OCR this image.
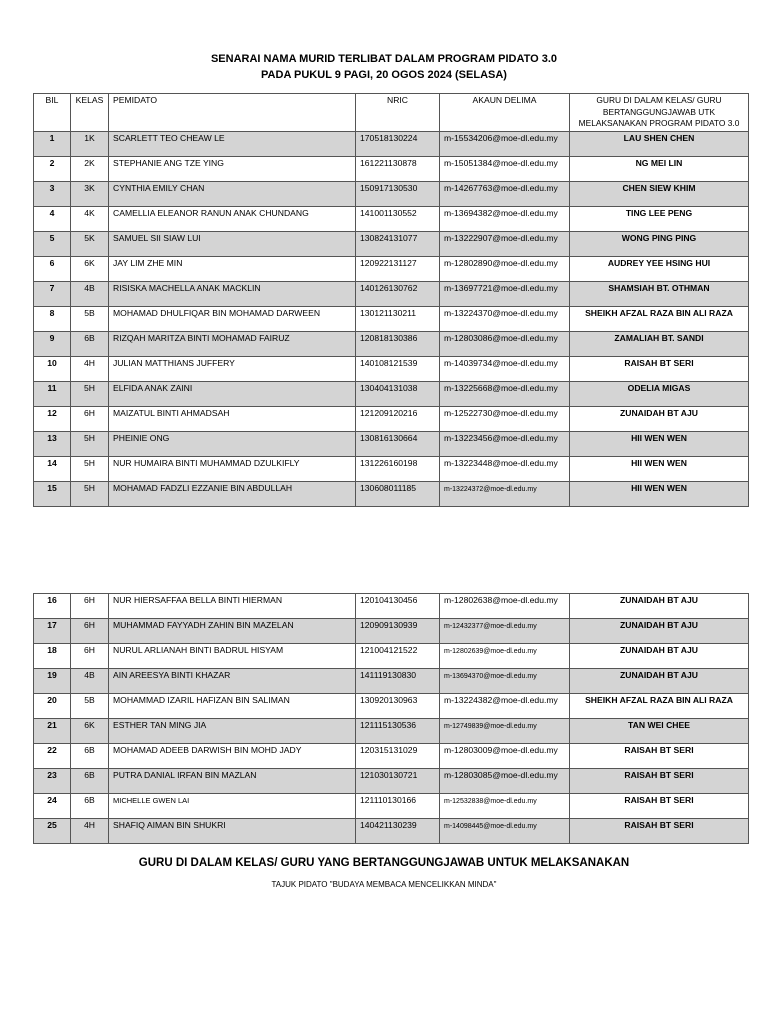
SENARAI NAMA MURID TERLIBAT DALAM PROGRAM PIDATO 3.0
PADA PUKUL 9 PAGI, 20 OGOS 2024 (SELASA)
BIL	KELAS	PEMIDATO	NRIC	AKAUN DELIMA	GURU DI DALAM KELAS/ GURU BERTANGGUNGJAWAB UTK MELAKSANAKAN PROGRAM PIDATO 3.0
1	1K	SCARLETT TEO CHEAW LE	170518130224	m-15534206@moe-dl.edu.my	LAU SHEN CHEN
2	2K	STEPHANIE ANG TZE YING	161221130878	m-15051384@moe-dl.edu.my	NG MEI LIN
3	3K	CYNTHIA EMILY CHAN	150917130530	m-14267763@moe-dl.edu.my	CHEN SIEW KHIM
4	4K	CAMELLIA ELEANOR RANUN ANAK CHUNDANG	141001130552	m-13694382@moe-dl.edu.my	TING LEE PENG
5	5K	SAMUEL SII SIAW LUI	130824131077	m-13222907@moe-dl.edu.my	WONG PING PING
6	6K	JAY LIM ZHE MIN	120922131127	m-12802890@moe-dl.edu.my	AUDREY YEE HSING HUI
7	4B	RISISKA MACHELLA ANAK MACKLIN	140126130762	m-13697721@moe-dl.edu.my	SHAMSIAH BT. OTHMAN
8	5B	MOHAMAD DHULFIQAR BIN MOHAMAD DARWEEN	130121130211	m-13224370@moe-dl.edu.my	SHEIKH AFZAL RAZA BIN ALI RAZA
9	6B	RIZQAH MARITZA BINTI MOHAMAD FAIRUZ	120818130386	m-12803086@moe-dl.edu.my	ZAMALIAH BT. SANDI
10	4H	JULIAN MATTHIANS JUFFERY	140108121539	m-14039734@moe-dl.edu.my	RAISAH BT SERI
11	5H	ELFIDA ANAK ZAINI	130404131038	m-13225668@moe-dl.edu.my	ODELIA MIGAS
12	6H	MAIZATUL BINTI AHMADSAH	121209120216	m-12522730@moe-dl.edu.my	ZUNAIDAH BT AJU
13	5H	PHEINIE ONG	130816130664	m-13223456@moe-dl.edu.my	HII WEN WEN
14	5H	NUR HUMAIRA BINTI MUHAMMAD DZULKIFLY	131226160198	m-13223448@moe-dl.edu.my	HII WEN WEN
15	5H	MOHAMAD FADZLI EZZANIE BIN ABDULLAH	130608011185	m-13224372@moe-dl.edu.my	HII WEN WEN
16	6H	NUR HIERSAFFAA BELLA BINTI HIERMAN	120104130456	m-12802638@moe-dl.edu.my	ZUNAIDAH BT AJU
17	6H	MUHAMMAD FAYYADH ZAHIN BIN MAZELAN	120909130939	m-12432377@moe-dl.edu.my	ZUNAIDAH BT AJU
18	6H	NURUL ARLIANAH BINTI BADRUL HISYAM	121004121522	m-12802639@moe-dl.edu.my	ZUNAIDAH BT AJU
19	4B	AIN AREESYA BINTI KHAZAR	141119130830	m-13694370@moe-dl.edu.my	ZUNAIDAH BT AJU
20	5B	MOHAMMAD IZARIL HAFIZAN BIN SALIMAN	130920130963	m-13224382@moe-dl.edu.my	SHEIKH AFZAL RAZA BIN ALI RAZA
21	6K	ESTHER TAN MING JIA	121115130536	m-12749839@moe-dl.edu.my	TAN WEI CHEE
22	6B	MOHAMAD ADEEB DARWISH BIN MOHD JADY	120315131029	m-12803009@moe-dl.edu.my	RAISAH BT SERI
23	6B	PUTRA DANIAL IRFAN BIN MAZLAN	121030130721	m-12803085@moe-dl.edu.my	RAISAH BT SERI
24	6B	MICHELLE GWEN LAI	121110130166	m-12532838@moe-dl.edu.my	RAISAH BT SERI
25	4H	SHAFIQ AIMAN BIN SHUKRI	140421130239	m-14098445@moe-dl.edu.my	RAISAH BT SERI
GURU DI DALAM KELAS/ GURU YANG BERTANGGUNGJAWAB UNTUK MELAKSANAKAN
TAJUK PIDATO "BUDAYA MEMBACA MENCELIKKAN MINDA"
